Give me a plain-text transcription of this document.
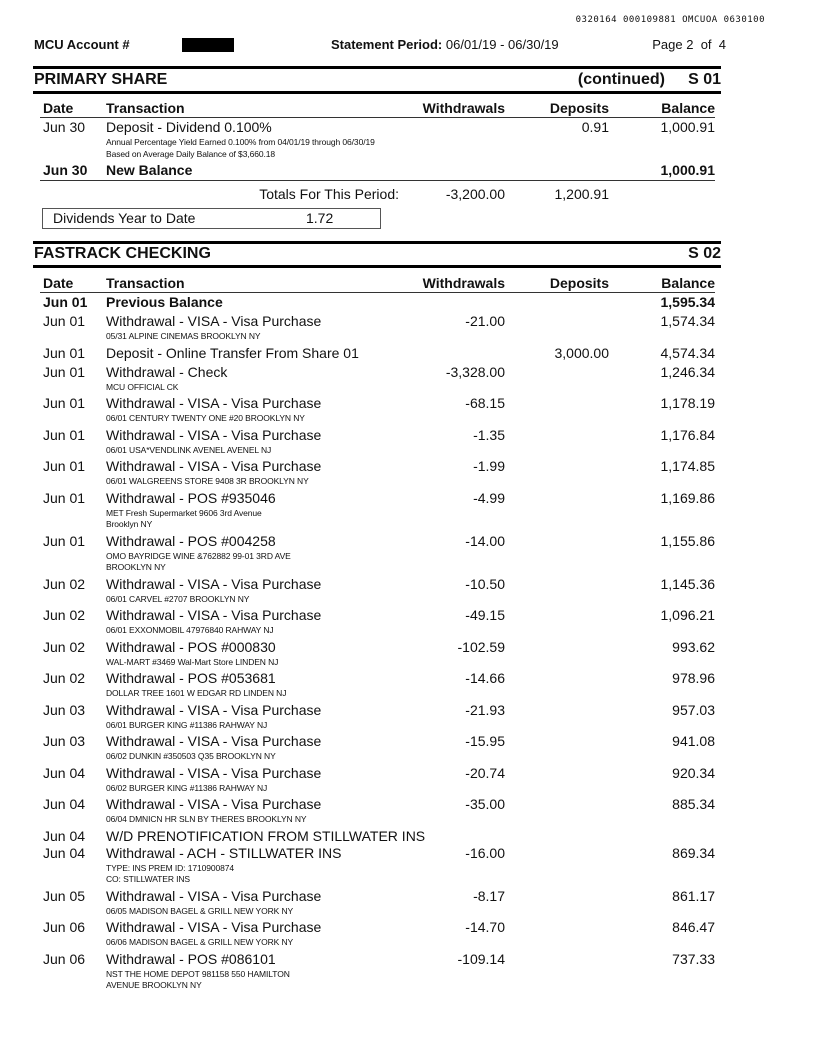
0320164 000109881 OMCUOA 0630100
MCU Account #	Statement Period: 06/01/19 - 06/30/19	Page 2  of  4
PRIMARY SHARE	(continued) S 01
Date Transaction	Withdrawals	Deposits	Balance
Jun 30 Deposit - Dividend 0.100%	0.91	1,000.91
Annual Percentage Yield Earned 0.100% from 04/01/19 through 06/30/19
Based on Average Daily Balance of $3,660.18
Jun 30 New Balance	1,000.91
Totals For This Period:	-3,200.00	1,200.91
Dividends Year to Date	1.72
FASTRACK CHECKING	S 02
Date Transaction	Withdrawals	Deposits	Balance
Jun 01 Previous Balance	1,595.34
Jun 01 Withdrawal - VISA - Visa Purchase	-21.00	1,574.34
05/31 ALPINE CINEMAS BROOKLYN NY
Jun 01 Deposit - Online Transfer From Share 01	3,000.00	4,574.34
Jun 01 Withdrawal - Check	-3,328.00	1,246.34
MCU OFFICIAL CK
Jun 01 Withdrawal - VISA - Visa Purchase	-68.15	1,178.19
06/01 CENTURY TWENTY ONE #20 BROOKLYN NY
Jun 01 Withdrawal - VISA - Visa Purchase	-1.35	1,176.84
06/01 USA*VENDLINK AVENEL AVENEL NJ
Jun 01 Withdrawal - VISA - Visa Purchase	-1.99	1,174.85
06/01 WALGREENS STORE 9408 3R BROOKLYN NY
Jun 01 Withdrawal - POS #935046	-4.99	1,169.86
MET Fresh Supermarket 9606 3rd Avenue
Brooklyn NY
Jun 01 Withdrawal - POS #004258	-14.00	1,155.86
OMO BAYRIDGE WINE &762882 99-01 3RD AVE
BROOKLYN NY
Jun 02 Withdrawal - VISA - Visa Purchase	-10.50	1,145.36
06/01 CARVEL #2707 BROOKLYN NY
Jun 02 Withdrawal - VISA - Visa Purchase	-49.15	1,096.21
06/01 EXXONMOBIL 47976840 RAHWAY NJ
Jun 02 Withdrawal - POS #000830	-102.59	993.62
WAL-MART #3469 Wal-Mart Store LINDEN NJ
Jun 02 Withdrawal - POS #053681	-14.66	978.96
DOLLAR TREE 1601 W EDGAR RD LINDEN NJ
Jun 03 Withdrawal - VISA - Visa Purchase	-21.93	957.03
06/01 BURGER KING #11386 RAHWAY NJ
Jun 03 Withdrawal - VISA - Visa Purchase	-15.95	941.08
06/02 DUNKIN #350503 Q35 BROOKLYN NY
Jun 04 Withdrawal - VISA - Visa Purchase	-20.74	920.34
06/02 BURGER KING #11386 RAHWAY NJ
Jun 04 Withdrawal - VISA - Visa Purchase	-35.00	885.34
06/04 DMNICN HR SLN BY THERES BROOKLYN NY
Jun 04 W/D PRENOTIFICATION FROM STILLWATER INS
Jun 04 Withdrawal - ACH - STILLWATER INS	-16.00	869.34
TYPE: INS PREM ID: 1710900874
CO: STILLWATER INS
Jun 05 Withdrawal - VISA - Visa Purchase	-8.17	861.17
06/05 MADISON BAGEL & GRILL NEW YORK NY
Jun 06 Withdrawal - VISA - Visa Purchase	-14.70	846.47
06/06 MADISON BAGEL & GRILL NEW YORK NY
Jun 06 Withdrawal - POS #086101	-109.14	737.33
NST THE HOME DEPOT 981158 550 HAMILTON
AVENUE BROOKLYN NY
